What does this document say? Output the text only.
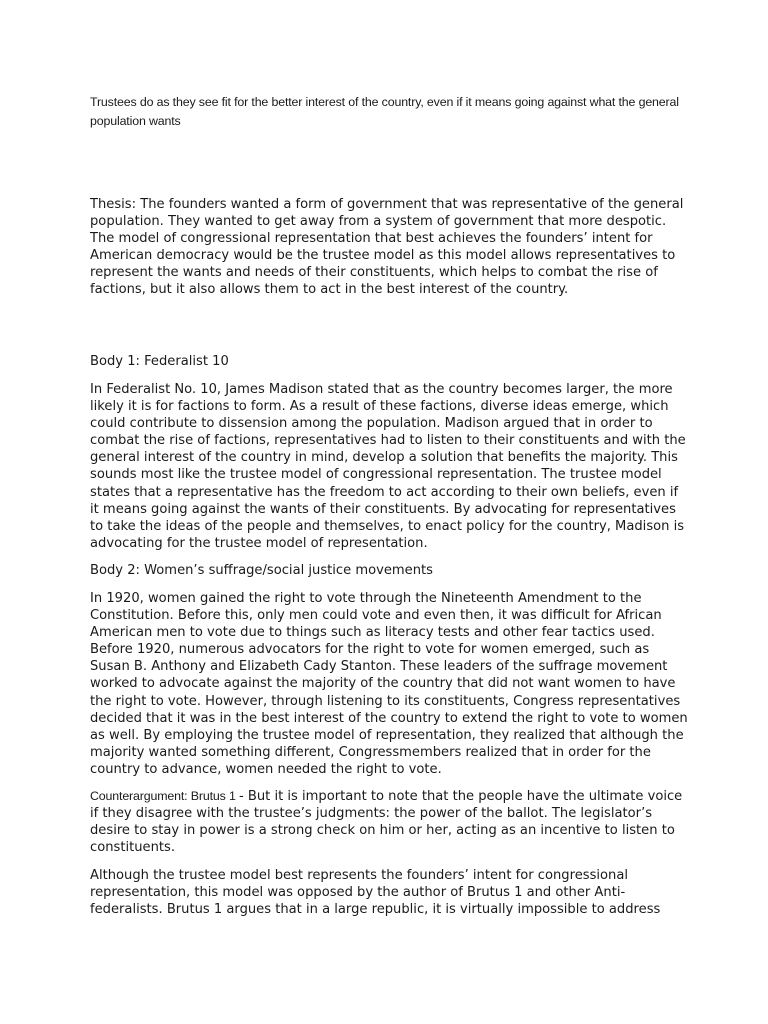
Trustees do as they see fit for the better interest of the country, even if it means going against what the general population wants

Thesis: The founders wanted a form of government that was representative of the general population. They wanted to get away from a system of government that more despotic. The model of congressional representation that best achieves the founders’ intent for American democracy would be the trustee model as this model allows representatives to represent the wants and needs of their constituents, which helps to combat the rise of factions, but it also allows them to act in the best interest of the country.

Body 1: Federalist 10

In Federalist No. 10, James Madison stated that as the country becomes larger, the more likely it is for factions to form. As a result of these factions, diverse ideas emerge, which could contribute to dissension among the population. Madison argued that in order to combat the rise of factions, representatives had to listen to their constituents and with the general interest of the country in mind, develop a solution that benefits the majority. This sounds most like the trustee model of congressional representation. The trustee model states that a representative has the freedom to act according to their own beliefs, even if it means going against the wants of their constituents. By advocating for representatives to take the ideas of the people and themselves, to enact policy for the country, Madison is advocating for the trustee model of representation.

Body 2: Women’s suffrage/social justice movements

In 1920, women gained the right to vote through the Nineteenth Amendment to the Constitution. Before this, only men could vote and even then, it was difficult for African American men to vote due to things such as literacy tests and other fear tactics used. Before 1920, numerous advocators for the right to vote for women emerged, such as Susan B. Anthony and Elizabeth Cady Stanton. These leaders of the suffrage movement worked to advocate against the majority of the country that did not want women to have the right to vote. However, through listening to its constituents, Congress representatives decided that it was in the best interest of the country to extend the right to vote to women as well. By employing the trustee model of representation, they realized that although the majority wanted something different, Congressmembers realized that in order for the country to advance, women needed the right to vote.

Counterargument: Brutus 1 - But it is important to note that the people have the ultimate voice if they disagree with the trustee’s judgments: the power of the ballot. The legislator’s desire to stay in power is a strong check on him or her, acting as an incentive to listen to constituents.

Although the trustee model best represents the founders’ intent for congressional representation, this model was opposed by the author of Brutus 1 and other Anti-federalists. Brutus 1 argues that in a large republic, it is virtually impossible to address
